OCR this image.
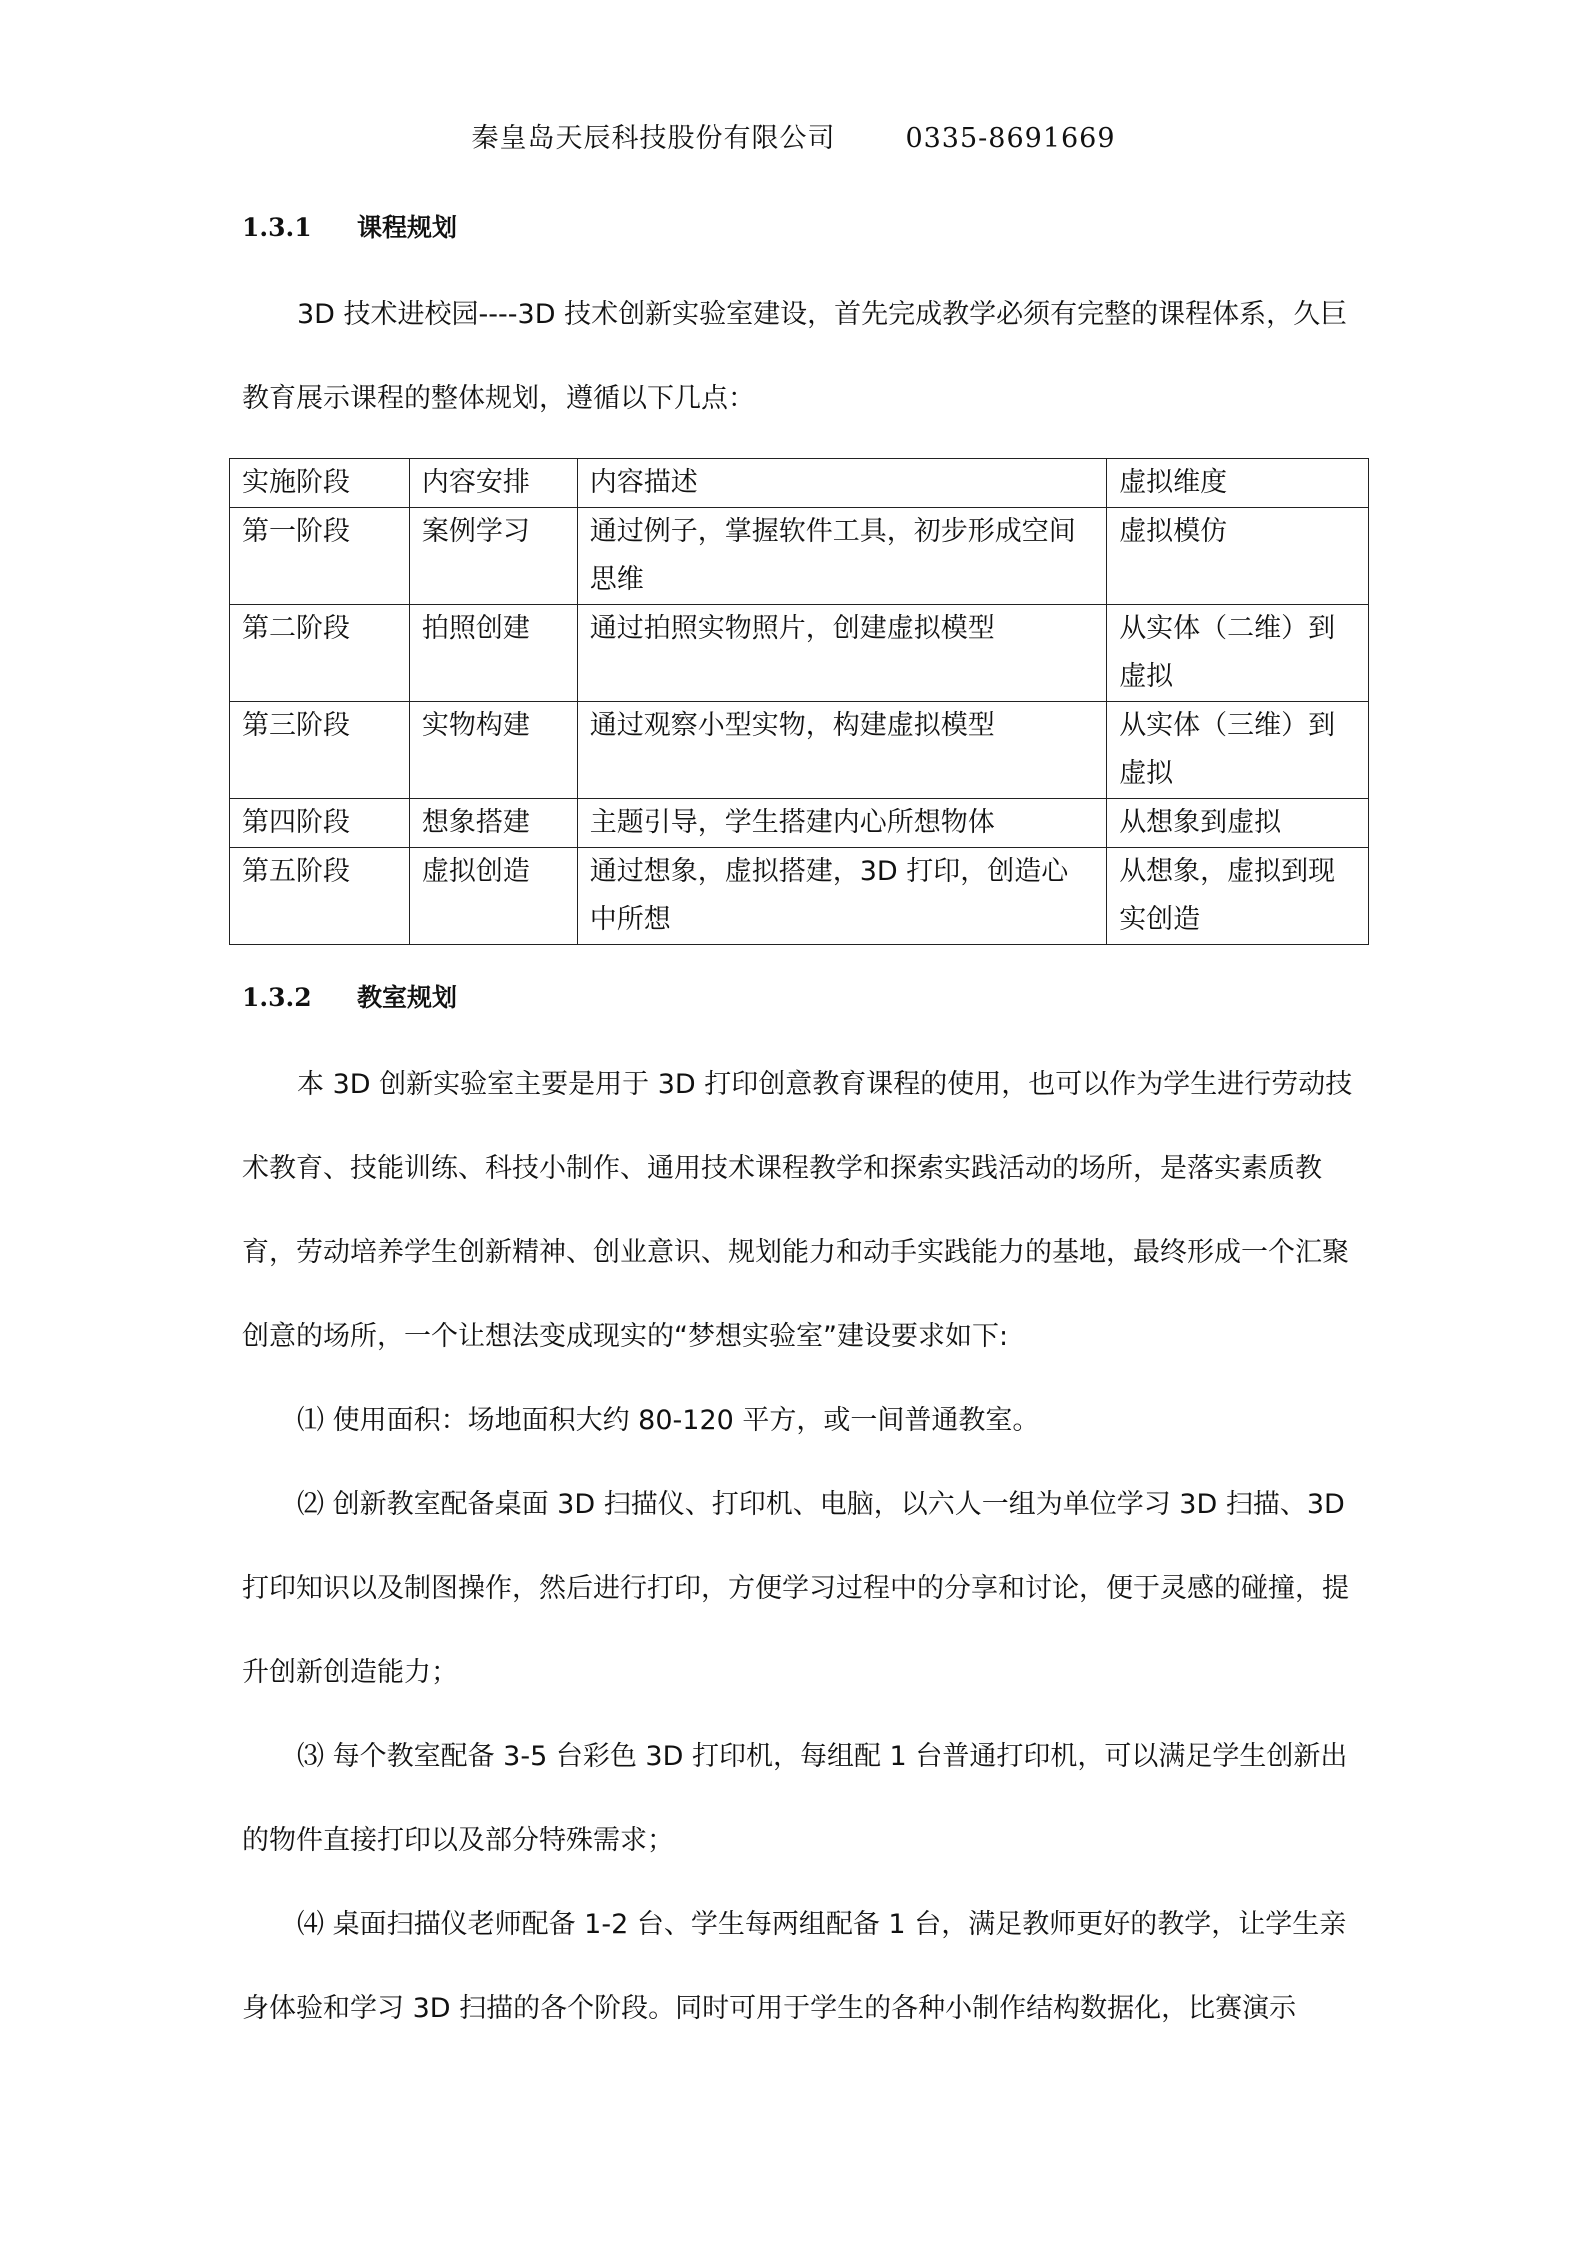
秦皇岛天辰科技股份有限公司	0335-8691669
1.3.1 课程规划

3D 技术进校园----3D 技术创新实验室建设，首先完成教学必须有完整的课程体系，久巨教育展示课程的整体规划，遵循以下几点：

实施阶段	内容安排	内容描述	虚拟维度
第一阶段	案例学习	通过例子，掌握软件工具，初步形成空间思维	虚拟模仿
第二阶段	拍照创建	通过拍照实物照片，创建虚拟模型	从实体（二维）到虚拟
第三阶段	实物构建	通过观察小型实物，构建虚拟模型	从实体（三维）到虚拟
第四阶段	想象搭建	主题引导，学生搭建内心所想物体	从想象到虚拟
第五阶段	虚拟创造	通过想象，虚拟搭建，3D 打印，创造心中所想	从想象，虚拟到现实创造
1.3.2 教室规划

本 3D 创新实验室主要是用于 3D 打印创意教育课程的使用，也可以作为学生进行劳动技术教育、技能训练、科技小制作、通用技术课程教学和探索实践活动的场所，是落实素质教育，劳动培养学生创新精神、创业意识、规划能力和动手实践能力的基地，最终形成一个汇聚创意的场所，一个让想法变成现实的“梦想实验室”建设要求如下:

⑴ 使用面积：场地面积大约 80-120 平方，或一间普通教室。

⑵ 创新教室配备桌面 3D 扫描仪、打印机、电脑，以六人一组为单位学习 3D 扫描、3D 打印知识以及制图操作，然后进行打印，方便学习过程中的分享和讨论，便于灵感的碰撞，提升创新创造能力；

⑶ 每个教室配备 3-5 台彩色 3D 打印机，每组配 1 台普通打印机，可以满足学生创新出的物件直接打印以及部分特殊需求；

⑷ 桌面扫描仪老师配备 1-2 台、学生每两组配备 1 台，满足教师更好的教学，让学生亲身体验和学习 3D 扫描的各个阶段。同时可用于学生的各种小制作结构数据化，比赛演示
